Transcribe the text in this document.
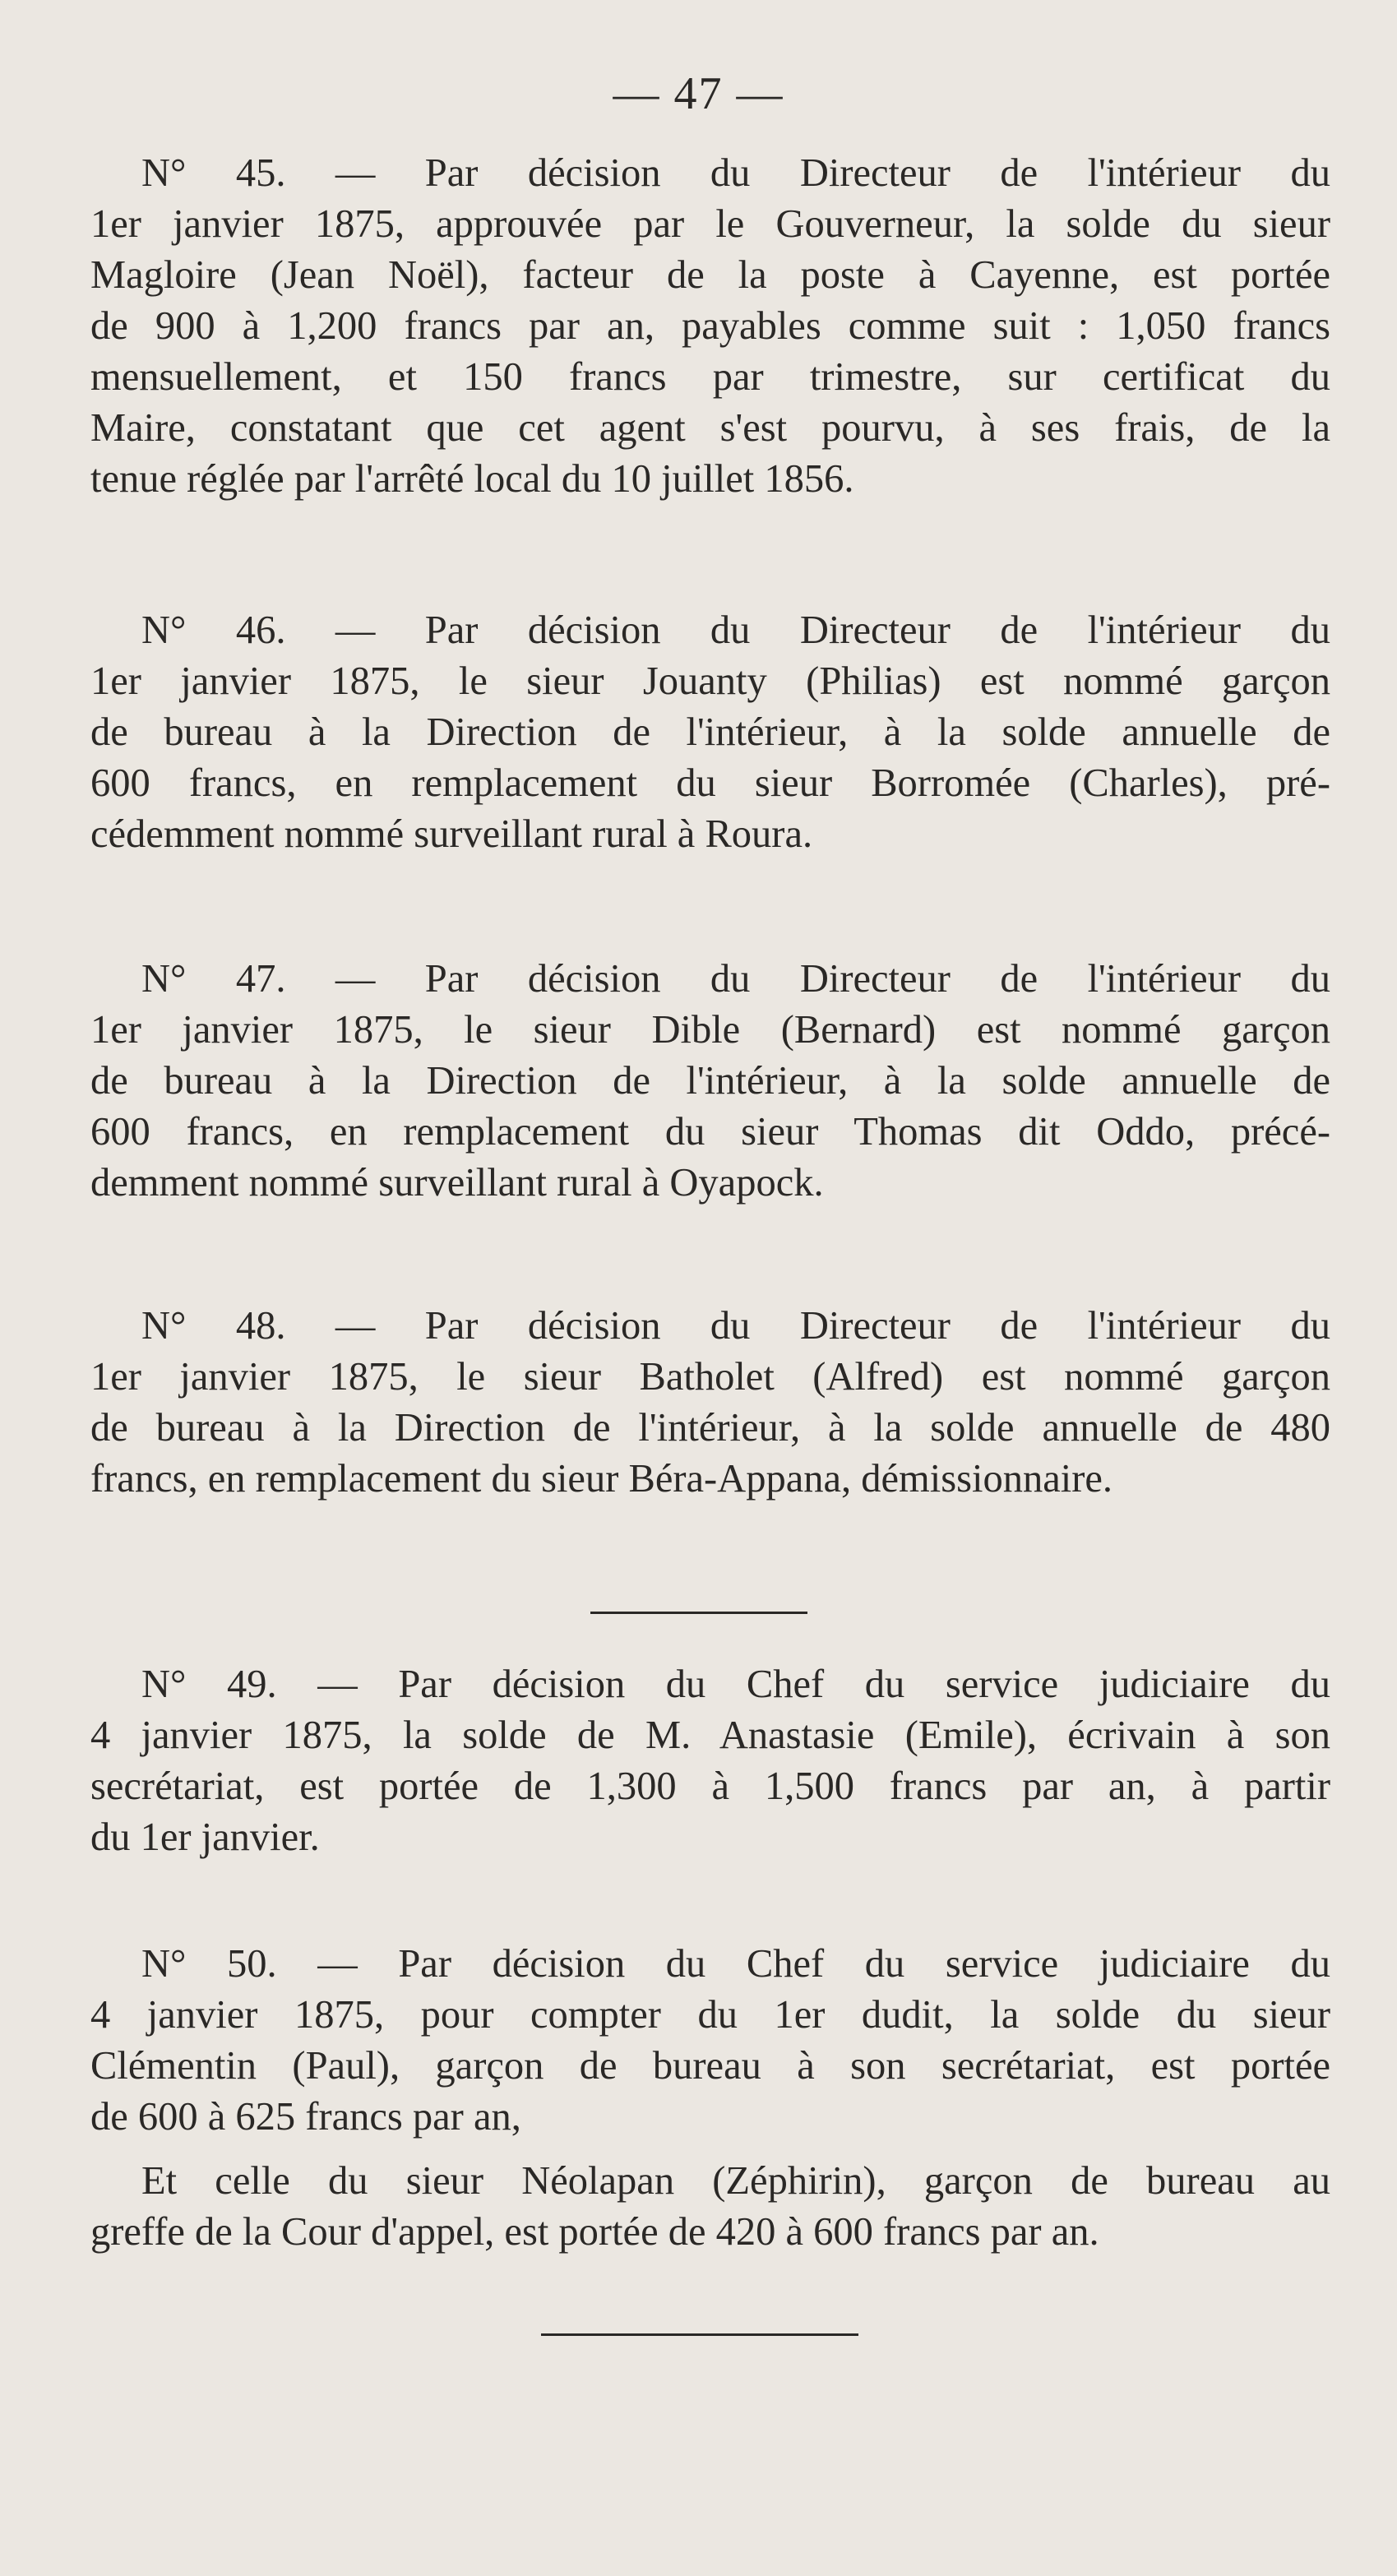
— 47 —
N° 45. — Par décision du Directeur de l'intérieur du
1er janvier 1875, approuvée par le Gouverneur, la solde du sieur
Magloire (Jean Noël), facteur de la poste à Cayenne, est portée
de 900 à 1,200 francs par an, payables comme suit : 1,050 francs
mensuellement, et 150 francs par trimestre, sur certificat du
Maire, constatant que cet agent s'est pourvu, à ses frais, de la
tenue réglée par l'arrêté local du 10 juillet 1856.
N° 46. — Par décision du Directeur de l'intérieur du
1er janvier 1875, le sieur Jouanty (Philias) est nommé garçon
de bureau à la Direction de l'intérieur, à la solde annuelle de
600 francs, en remplacement du sieur Borromée (Charles), pré-
cédemment nommé surveillant rural à Roura.
N° 47. — Par décision du Directeur de l'intérieur du
1er janvier 1875, le sieur Dible (Bernard) est nommé garçon
de bureau à la Direction de l'intérieur, à la solde annuelle de
600 francs, en remplacement du sieur Thomas dit Oddo, précé-
demment nommé surveillant rural à Oyapock.
N° 48. — Par décision du Directeur de l'intérieur du
1er janvier 1875, le sieur Batholet (Alfred) est nommé garçon
de bureau à la Direction de l'intérieur, à la solde annuelle de 480
francs, en remplacement du sieur Béra-Appana, démissionnaire.
N° 49. — Par décision du Chef du service judiciaire du
4 janvier 1875, la solde de M. Anastasie (Emile), écrivain à son
secrétariat, est portée de 1,300 à 1,500 francs par an, à partir
du 1er janvier.
N° 50. — Par décision du Chef du service judiciaire du
4 janvier 1875, pour compter du 1er dudit, la solde du sieur
Clémentin (Paul), garçon de bureau à son secrétariat, est portée
de 600 à 625 francs par an,
Et celle du sieur Néolapan (Zéphirin), garçon de bureau au
greffe de la Cour d'appel, est portée de 420 à 600 francs par an.
